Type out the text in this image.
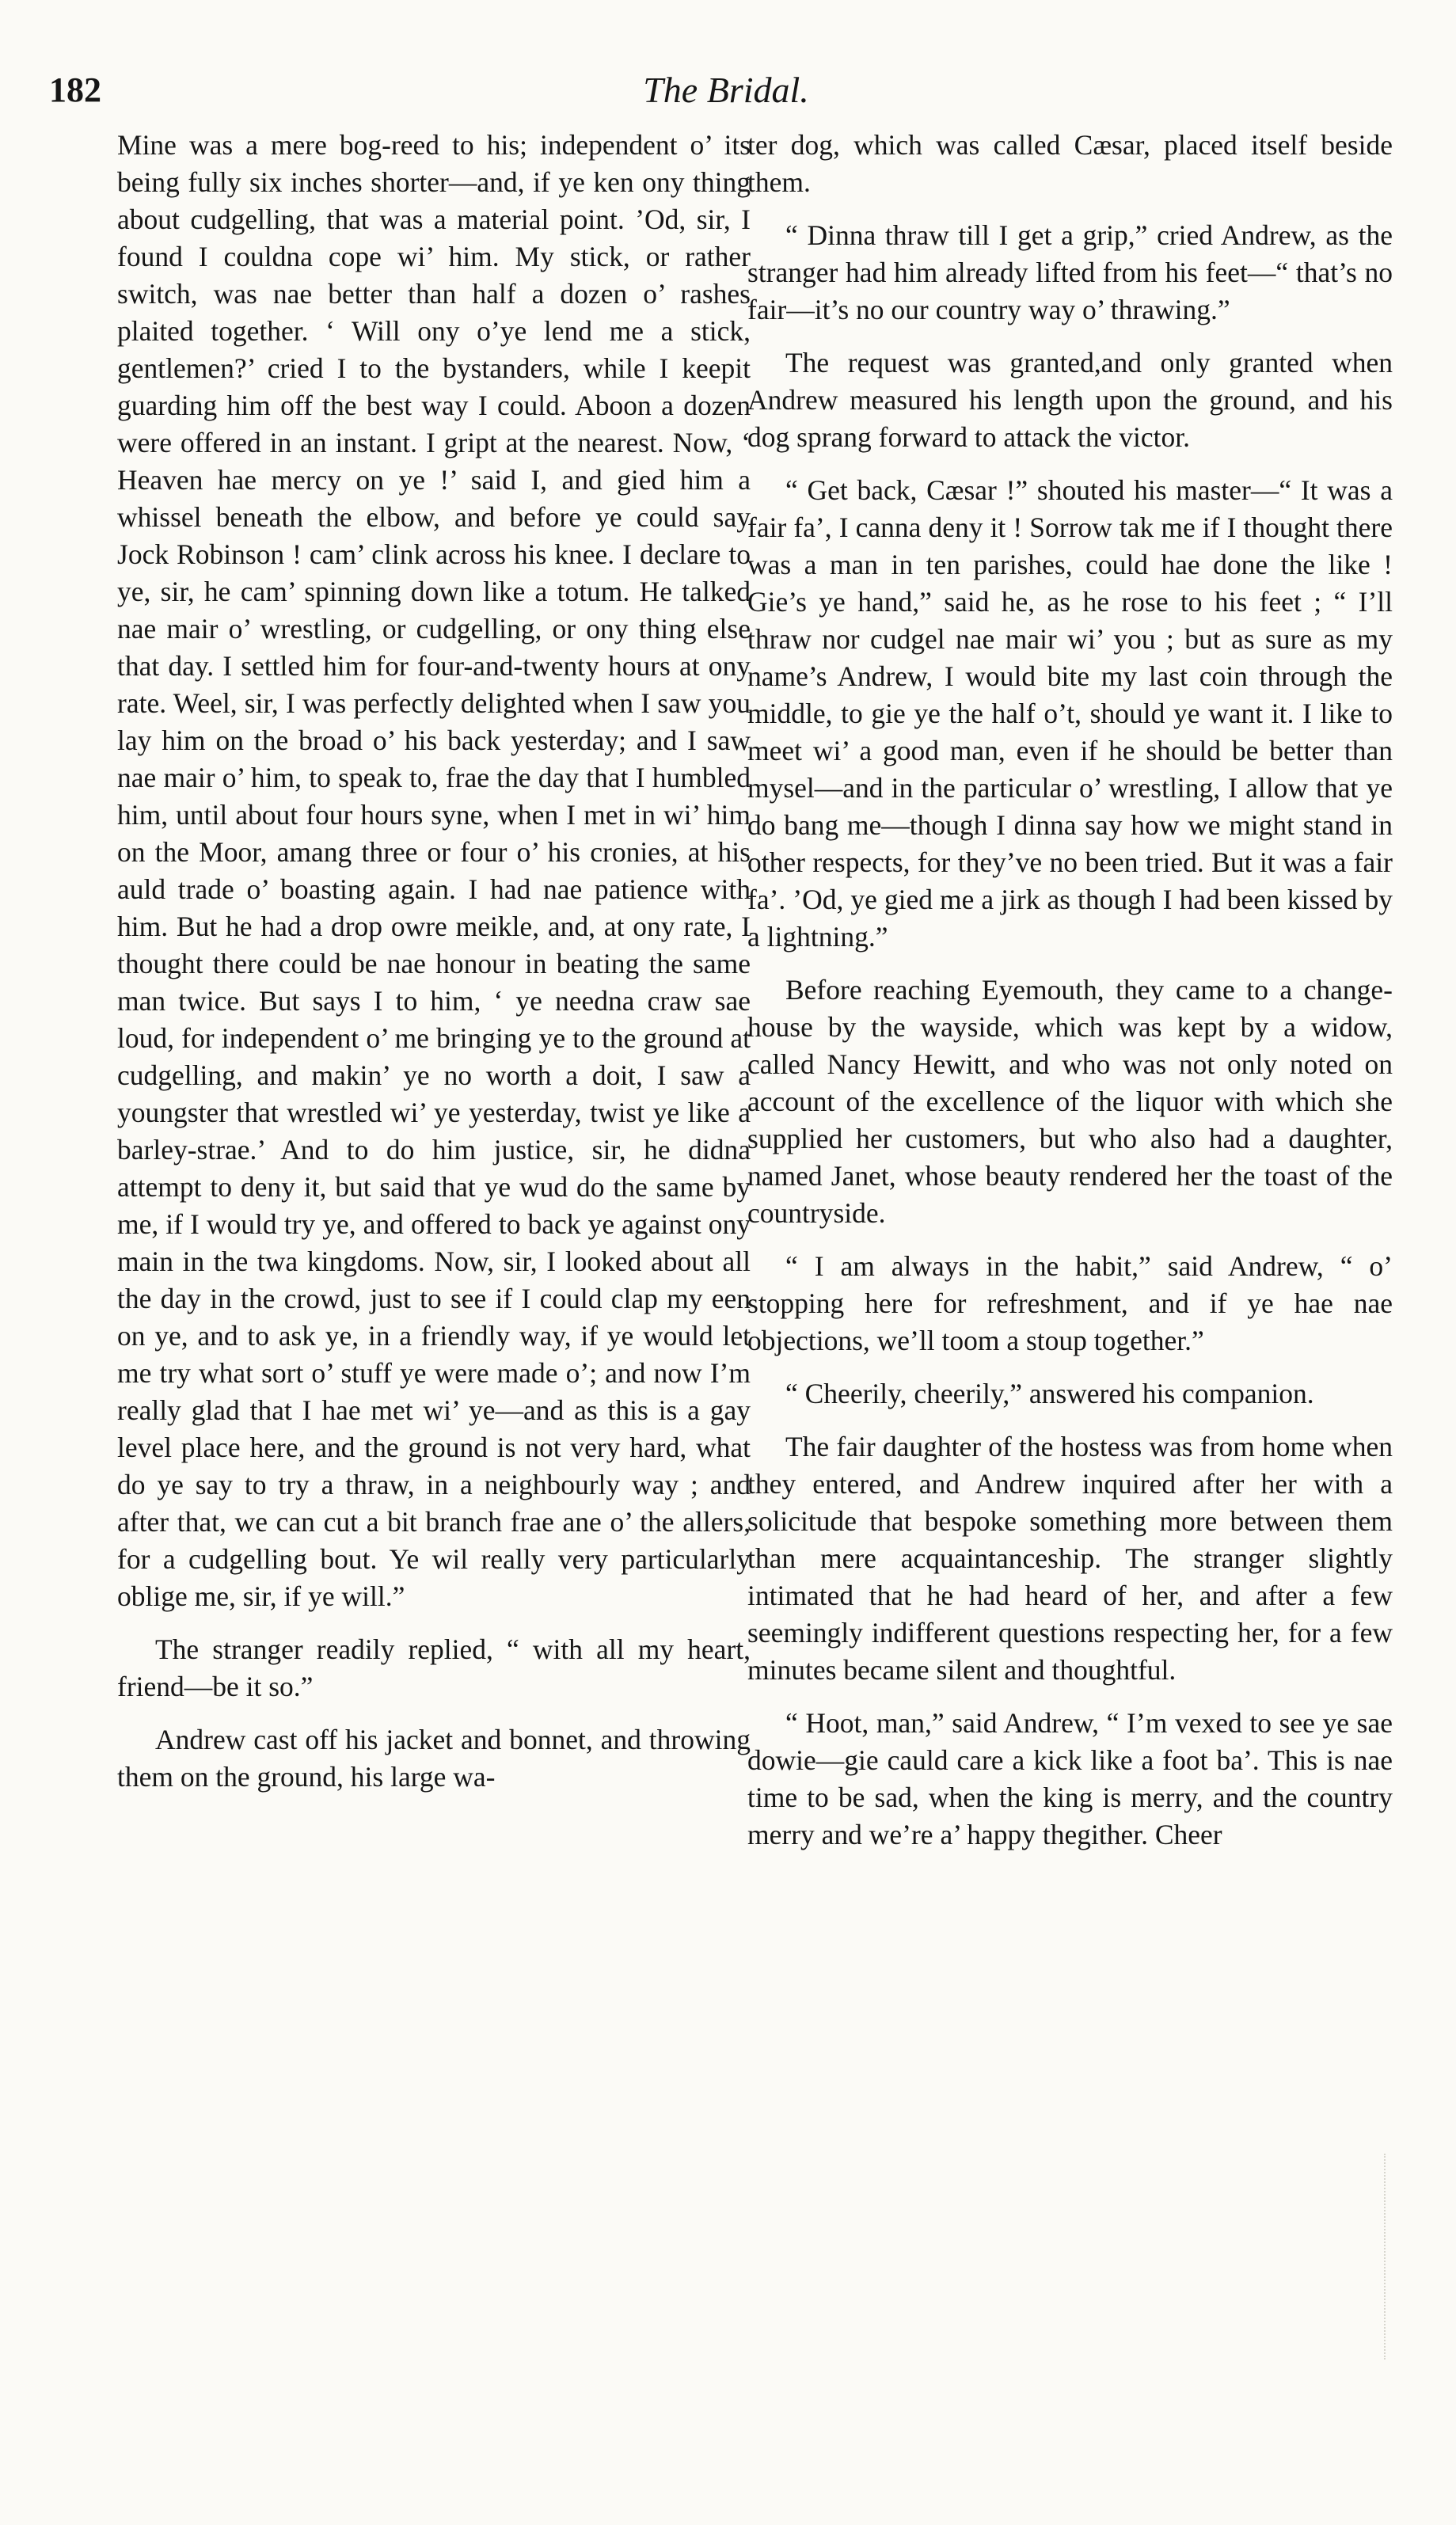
182	The Bridal.

Mine was a mere bog-reed to his; independent o’ its being fully six inches shorter—and, if ye ken ony thing about cudgelling, that was a material point. ’Od, sir, I found I couldna cope wi’ him. My stick, or rather switch, was nae better than half a dozen o’ rashes plaited together. ‘ Will ony o’ye lend me a stick, gentlemen?’ cried I to the bystanders, while I keepit guarding him off the best way I could. Aboon a dozen were offered in an instant. I gript at the nearest. Now, ‘ Heaven hae mercy on ye !’ said I, and gied him a whissel beneath the elbow, and before ye could say Jock Robinson ! cam’ clink across his knee. I declare to ye, sir, he cam’ spinning down like a totum. He talked nae mair o’ wrestling, or cudgelling, or ony thing else that day. I settled him for four-and-twenty hours at ony rate. Weel, sir, I was perfectly delighted when I saw you lay him on the broad o’ his back yesterday; and I saw nae mair o’ him, to speak to, frae the day that I humbled him, until about four hours syne, when I met in wi’ him on the Moor, amang three or four o’ his cronies, at his auld trade o’ boasting again. I had nae patience with him. But he had a drop owre meikle, and, at ony rate, I thought there could be nae honour in beating the same man twice. But says I to him, ‘ ye needna craw sae loud, for independent o’ me bringing ye to the ground at cudgelling, and makin’ ye no worth a doit, I saw a youngster that wrestled wi’ ye yesterday, twist ye like a barley-strae.’ And to do him justice, sir, he didna attempt to deny it, but said that ye wud do the same by me, if I would try ye, and offered to back ye against ony main in the twa kingdoms. Now, sir, I looked about all the day in the crowd, just to see if I could clap my een on ye, and to ask ye, in a friendly way, if ye would let me try what sort o’ stuff ye were made o’; and now I’m really glad that I hae met wi’ ye—and as this is a gay level place here, and the ground is not very hard, what do ye say to try a thraw, in a neighbourly way ; and after that, we can cut a bit branch frae ane o’ the allers, for a cudgelling bout. Ye wil really very particularly oblige me, sir, if ye will.”

The stranger readily replied, “ with all my heart, friend—be it so.”

Andrew cast off his jacket and bonnet, and throwing them on the ground, his large wa-

ter dog, which was called Cæsar, placed itself beside them.

“ Dinna thraw till I get a grip,” cried Andrew, as the stranger had him already lifted from his feet—“ that’s no fair—it’s no our country way o’ thrawing.”

The request was granted,and only granted when Andrew measured his length upon the ground, and his dog sprang forward to attack the victor.

“ Get back, Cæsar !” shouted his master—“ It was a fair fa’, I canna deny it ! Sorrow tak me if I thought there was a man in ten parishes, could hae done the like ! Gie’s ye hand,” said he, as he rose to his feet ; “ I’ll thraw nor cudgel nae mair wi’ you ; but as sure as my name’s Andrew, I would bite my last coin through the middle, to gie ye the half o’t, should ye want it. I like to meet wi’ a good man, even if he should be better than mysel—and in the particular o’ wrestling, I allow that ye do bang me—though I dinna say how we might stand in other respects, for they’ve no been tried. But it was a fair fa’. ’Od, ye gied me a jirk as though I had been kissed by a lightning.”

Before reaching Eyemouth, they came to a change-house by the wayside, which was kept by a widow, called Nancy Hewitt, and who was not only noted on account of the excellence of the liquor with which she supplied her customers, but who also had a daughter, named Janet, whose beauty rendered her the toast of the countryside.

“ I am always in the habit,” said Andrew, “ o’ stopping here for refreshment, and if ye hae nae objections, we’ll toom a stoup together.”

“ Cheerily, cheerily,” answered his companion.

The fair daughter of the hostess was from home when they entered, and Andrew inquired after her with a solicitude that bespoke something more between them than mere acquaintanceship. The stranger slightly intimated that he had heard of her, and after a few seemingly indifferent questions respecting her, for a few minutes became silent and thoughtful.

“ Hoot, man,” said Andrew, “ I’m vexed to see ye sae dowie—gie cauld care a kick like a foot ba’. This is nae time to be sad, when the king is merry, and the country merry and we’re a’ happy thegither. Cheer
